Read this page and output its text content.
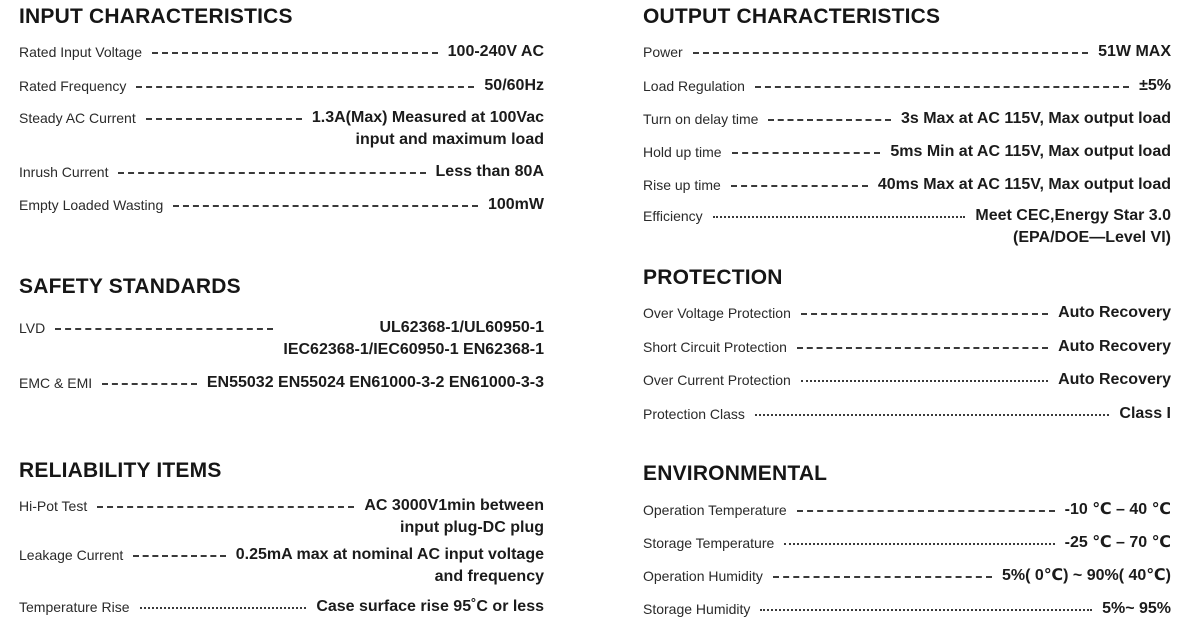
INPUT CHARACTERISTICS
Rated Input Voltage	100-240V AC
Rated Frequency	50/60Hz
Steady AC Current	1.3A(Max) Measured at 100Vac
input and maximum load
Inrush Current	Less than 80A
Empty Loaded Wasting	100mW
SAFETY STANDARDS
LVD	UL62368-1/UL60950-1
IEC62368-1/IEC60950-1 EN62368-1
EMC & EMI	EN55032 EN55024 EN61000-3-2 EN61000-3-3
RELIABILITY ITEMS
Hi-Pot Test	AC 3000V1min between
input plug-DC plug
Leakage Current	0.25mA max at nominal AC input voltage
and frequency
Temperature Rise	Case surface rise 95˚C or less
OUTPUT CHARACTERISTICS
Power	51W MAX
Load Regulation	±5%
Turn on delay time	3s Max at AC 115V, Max output load
Hold up time	5ms Min at AC 115V, Max output load
Rise up time	40ms Max at AC 115V, Max output load
Efficiency	Meet CEC,Energy Star 3.0
(EPA/DOE—Level VI)
PROTECTION
Over Voltage Protection	Auto Recovery
Short Circuit Protection	Auto Recovery
Over Current Protection	Auto Recovery
Protection Class	Class I
ENVIRONMENTAL
Operation Temperature	-10 ℃ – 40 ℃
Storage Temperature	-25 ℃ – 70 ℃
Operation Humidity	5%( 0℃) ~ 90%( 40℃)
Storage Humidity	5%~ 95%
